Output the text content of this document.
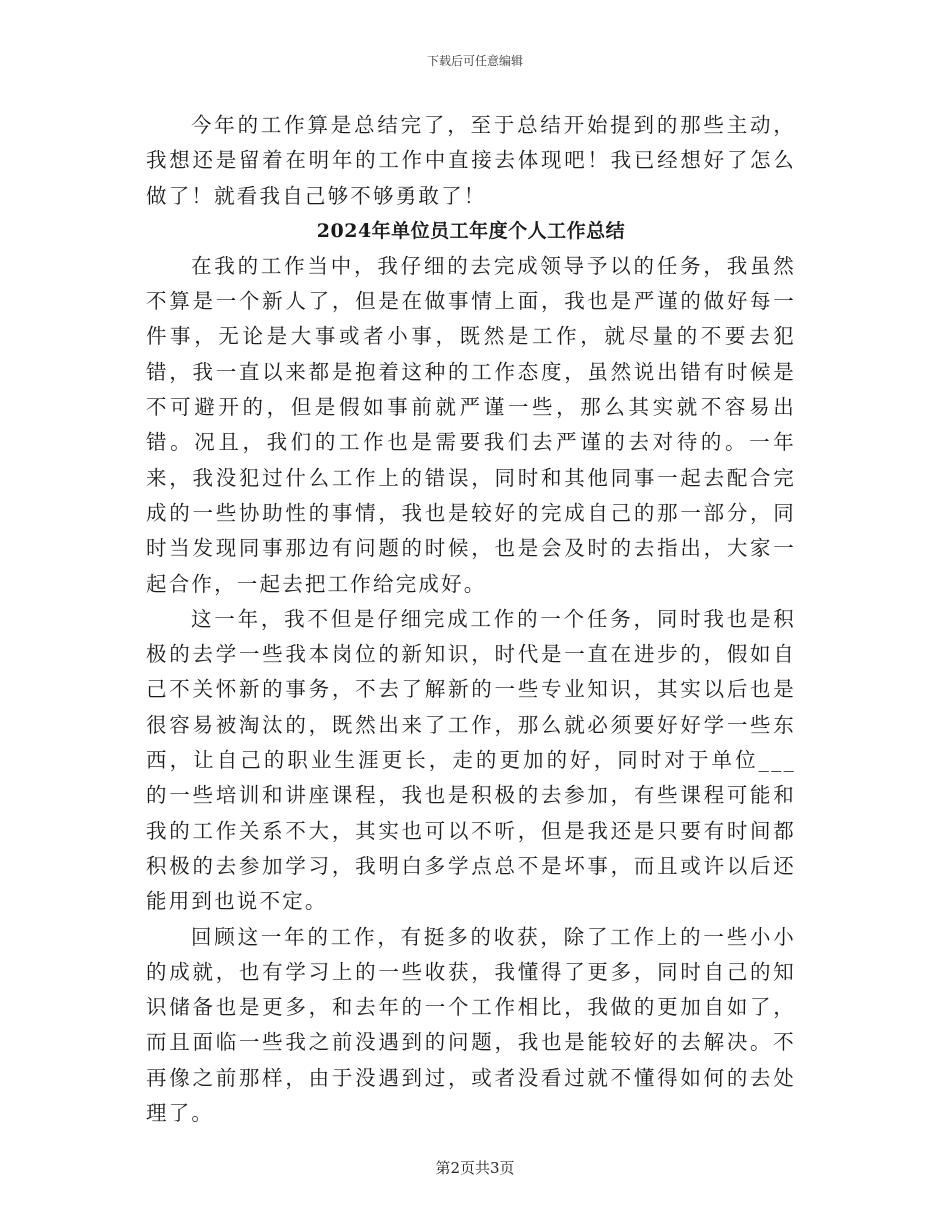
下载后可任意编辑

今年的工作算是总结完了，至于总结开始提到的那些主动，我想还是留着在明年的工作中直接去体现吧！我已经想好了怎么做了！就看我自己够不够勇敢了！

2024年单位员工年度个人工作总结

在我的工作当中，我仔细的去完成领导予以的任务，我虽然不算是一个新人了，但是在做事情上面，我也是严谨的做好每一件事，无论是大事或者小事，既然是工作，就尽量的不要去犯错，我一直以来都是抱着这种的工作态度，虽然说出错有时候是不可避开的，但是假如事前就严谨一些，那么其实就不容易出错。况且，我们的工作也是需要我们去严谨的去对待的。一年来，我没犯过什么工作上的错误，同时和其他同事一起去配合完成的一些协助性的事情，我也是较好的完成自己的那一部分，同时当发现同事那边有问题的时候，也是会及时的去指出，大家一起合作，一起去把工作给完成好。

这一年，我不但是仔细完成工作的一个任务，同时我也是积极的去学一些我本岗位的新知识，时代是一直在进步的，假如自己不关怀新的事务，不去了解新的一些专业知识，其实以后也是很容易被淘汰的，既然出来了工作，那么就必须要好好学一些东西，让自己的职业生涯更长，走的更加的好，同时对于单位___的一些培训和讲座课程，我也是积极的去参加，有些课程可能和我的工作关系不大，其实也可以不听，但是我还是只要有时间都积极的去参加学习，我明白多学点总不是坏事，而且或许以后还能用到也说不定。

回顾这一年的工作，有挺多的收获，除了工作上的一些小小的成就，也有学习上的一些收获，我懂得了更多，同时自己的知识储备也是更多，和去年的一个工作相比，我做的更加自如了，而且面临一些我之前没遇到的问题，我也是能较好的去解决。不再像之前那样，由于没遇到过，或者没看过就不懂得如何的去处理了。

第2页共3页
